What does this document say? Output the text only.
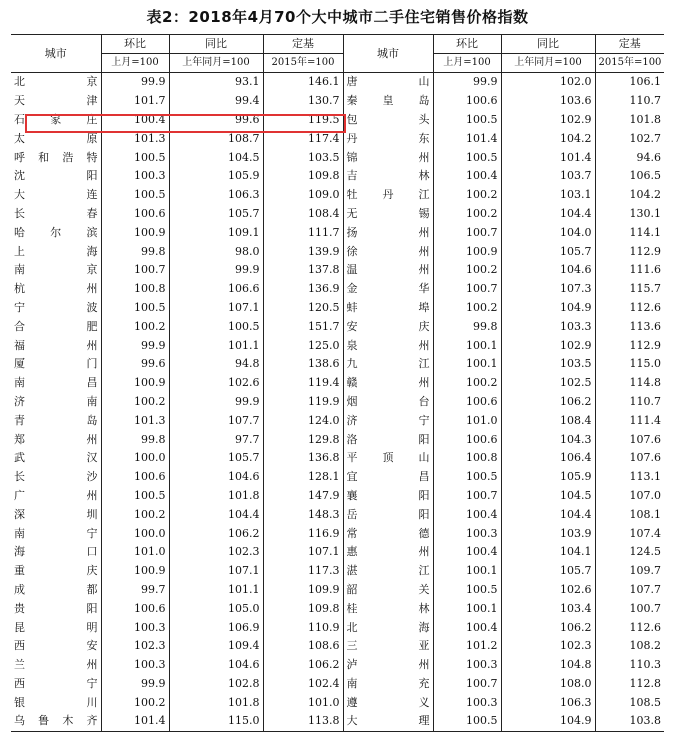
表2：2018年4月70个大中城市二手住宅销售价格指数
城市	环比	同比	定基	城市	环比	同比	定基
	上月=100	上年同月=100	2015年=100		上月=100	上年同月=100	2015年=100
北京	99.9	93.1	146.1	唐山	99.9	102.0	106.1
天津	101.7	99.4	130.7	秦皇岛	100.6	103.6	110.7
石家庄	100.4	99.6	119.5	包头	100.5	102.9	101.8
太原	101.3	108.7	117.4	丹东	101.4	104.2	102.7
呼和浩特	100.5	104.5	103.5	锦州	100.5	101.4	94.6
沈阳	100.3	105.9	109.8	吉林	100.4	103.7	106.5
大连	100.5	106.3	109.0	牡丹江	100.2	103.1	104.2
长春	100.6	105.7	108.4	无锡	100.2	104.4	130.1
哈尔滨	100.9	109.1	111.7	扬州	100.7	104.0	114.1
上海	99.8	98.0	139.9	徐州	100.9	105.7	112.9
南京	100.7	99.9	137.8	温州	100.2	104.6	111.6
杭州	100.8	106.6	136.9	金华	100.7	107.3	115.7
宁波	100.5	107.1	120.5	蚌埠	100.2	104.9	112.6
合肥	100.2	100.5	151.7	安庆	99.8	103.3	113.6
福州	99.9	101.1	125.0	泉州	100.1	102.9	112.9
厦门	99.6	94.8	138.6	九江	100.1	103.5	115.0
南昌	100.9	102.6	119.4	赣州	100.2	102.5	114.8
济南	100.2	99.9	119.9	烟台	100.6	106.2	110.7
青岛	101.3	107.7	124.0	济宁	101.0	108.4	111.4
郑州	99.8	97.7	129.8	洛阳	100.6	104.3	107.6
武汉	100.0	105.7	136.8	平顶山	100.8	106.4	107.6
长沙	100.6	104.6	128.1	宜昌	100.5	105.9	113.1
广州	100.5	101.8	147.9	襄阳	100.7	104.5	107.0
深圳	100.2	104.4	148.3	岳阳	100.4	104.4	108.1
南宁	100.0	106.2	116.9	常德	100.3	103.9	107.4
海口	101.0	102.3	107.1	惠州	100.4	104.1	124.5
重庆	100.9	107.1	117.3	湛江	100.1	105.7	109.7
成都	99.7	101.1	109.9	韶关	100.5	102.6	107.7
贵阳	100.6	105.0	109.8	桂林	100.1	103.4	100.7
昆明	100.3	106.9	110.9	北海	100.4	106.2	112.6
西安	102.3	109.4	108.6	三亚	101.2	102.3	108.2
兰州	100.3	104.6	106.2	泸州	100.3	104.8	110.3
西宁	99.9	102.8	102.4	南充	100.7	108.0	112.8
银川	100.2	101.8	101.0	遵义	100.3	106.3	108.5
乌鲁木齐	101.4	115.0	113.8	大理	100.5	104.9	103.8
